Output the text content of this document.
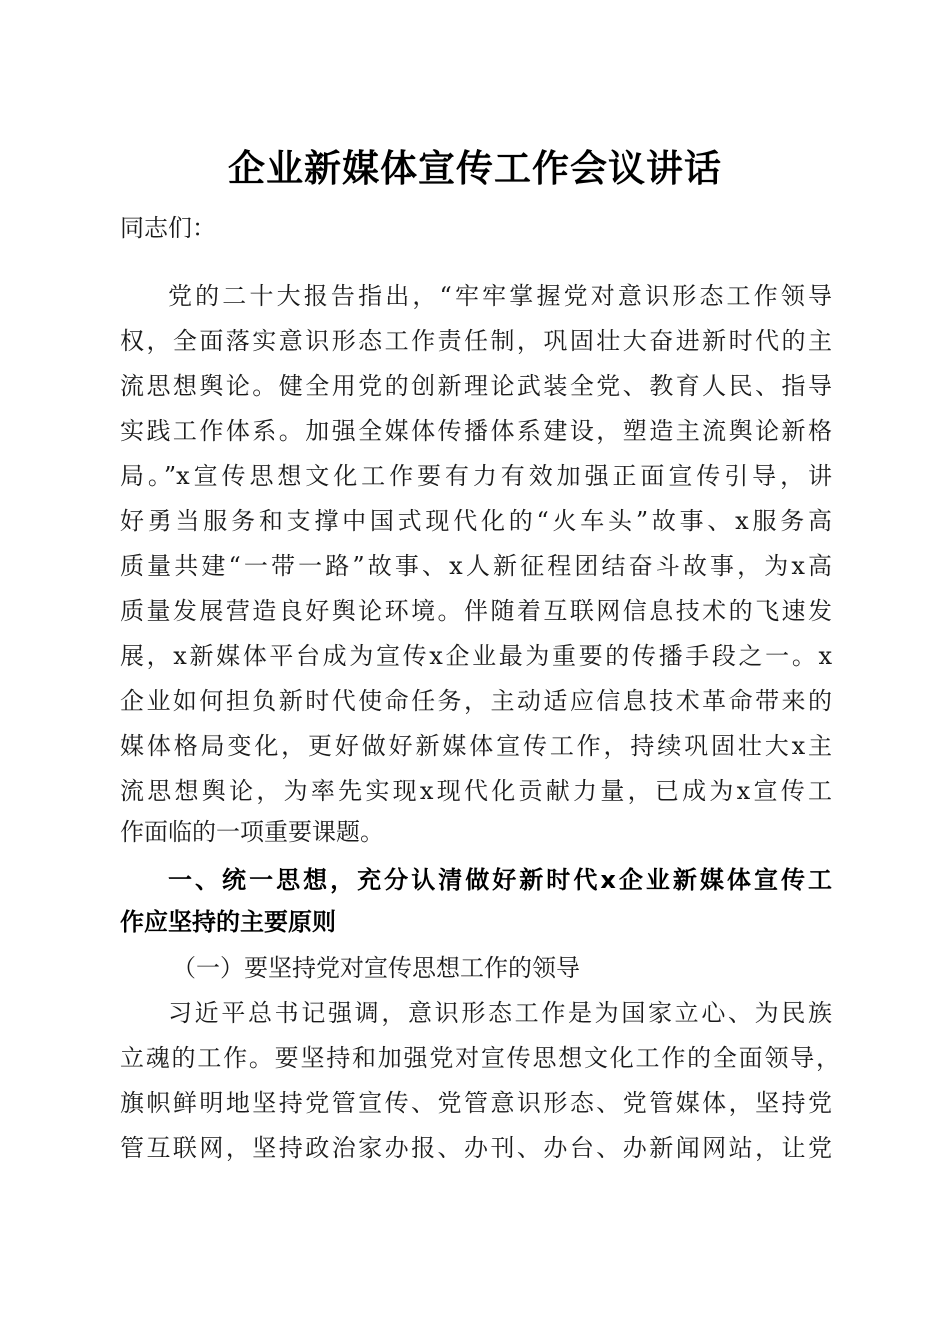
企业新媒体宣传工作会议讲话
同志们：
党的二十大报告指出，“牢牢掌握党对意识形态工作领导
权，全面落实意识形态工作责任制，巩固壮大奋进新时代的主
流思想舆论。健全用党的创新理论武装全党、教育人民、指导
实践工作体系。加强全媒体传播体系建设，塑造主流舆论新格
局。”x宣传思想文化工作要有力有效加强正面宣传引导，讲
好勇当服务和支撑中国式现代化的“火车头”故事、x服务高
质量共建“一带一路”故事、x人新征程团结奋斗故事，为x高
质量发展营造良好舆论环境。伴随着互联网信息技术的飞速发
展，x新媒体平台成为宣传x企业最为重要的传播手段之一。x
企业如何担负新时代使命任务，主动适应信息技术革命带来的
媒体格局变化，更好做好新媒体宣传工作，持续巩固壮大x主
流思想舆论，为率先实现x现代化贡献力量，已成为x宣传工
作面临的一项重要课题。
一、统一思想，充分认清做好新时代x企业新媒体宣传工
作应坚持的主要原则
（一）要坚持党对宣传思想工作的领导
习近平总书记强调，意识形态工作是为国家立心、为民族
立魂的工作。要坚持和加强党对宣传思想文化工作的全面领导，
旗帜鲜明地坚持党管宣传、党管意识形态、党管媒体，坚持党
管互联网，坚持政治家办报、办刊、办台、办新闻网站，让党
